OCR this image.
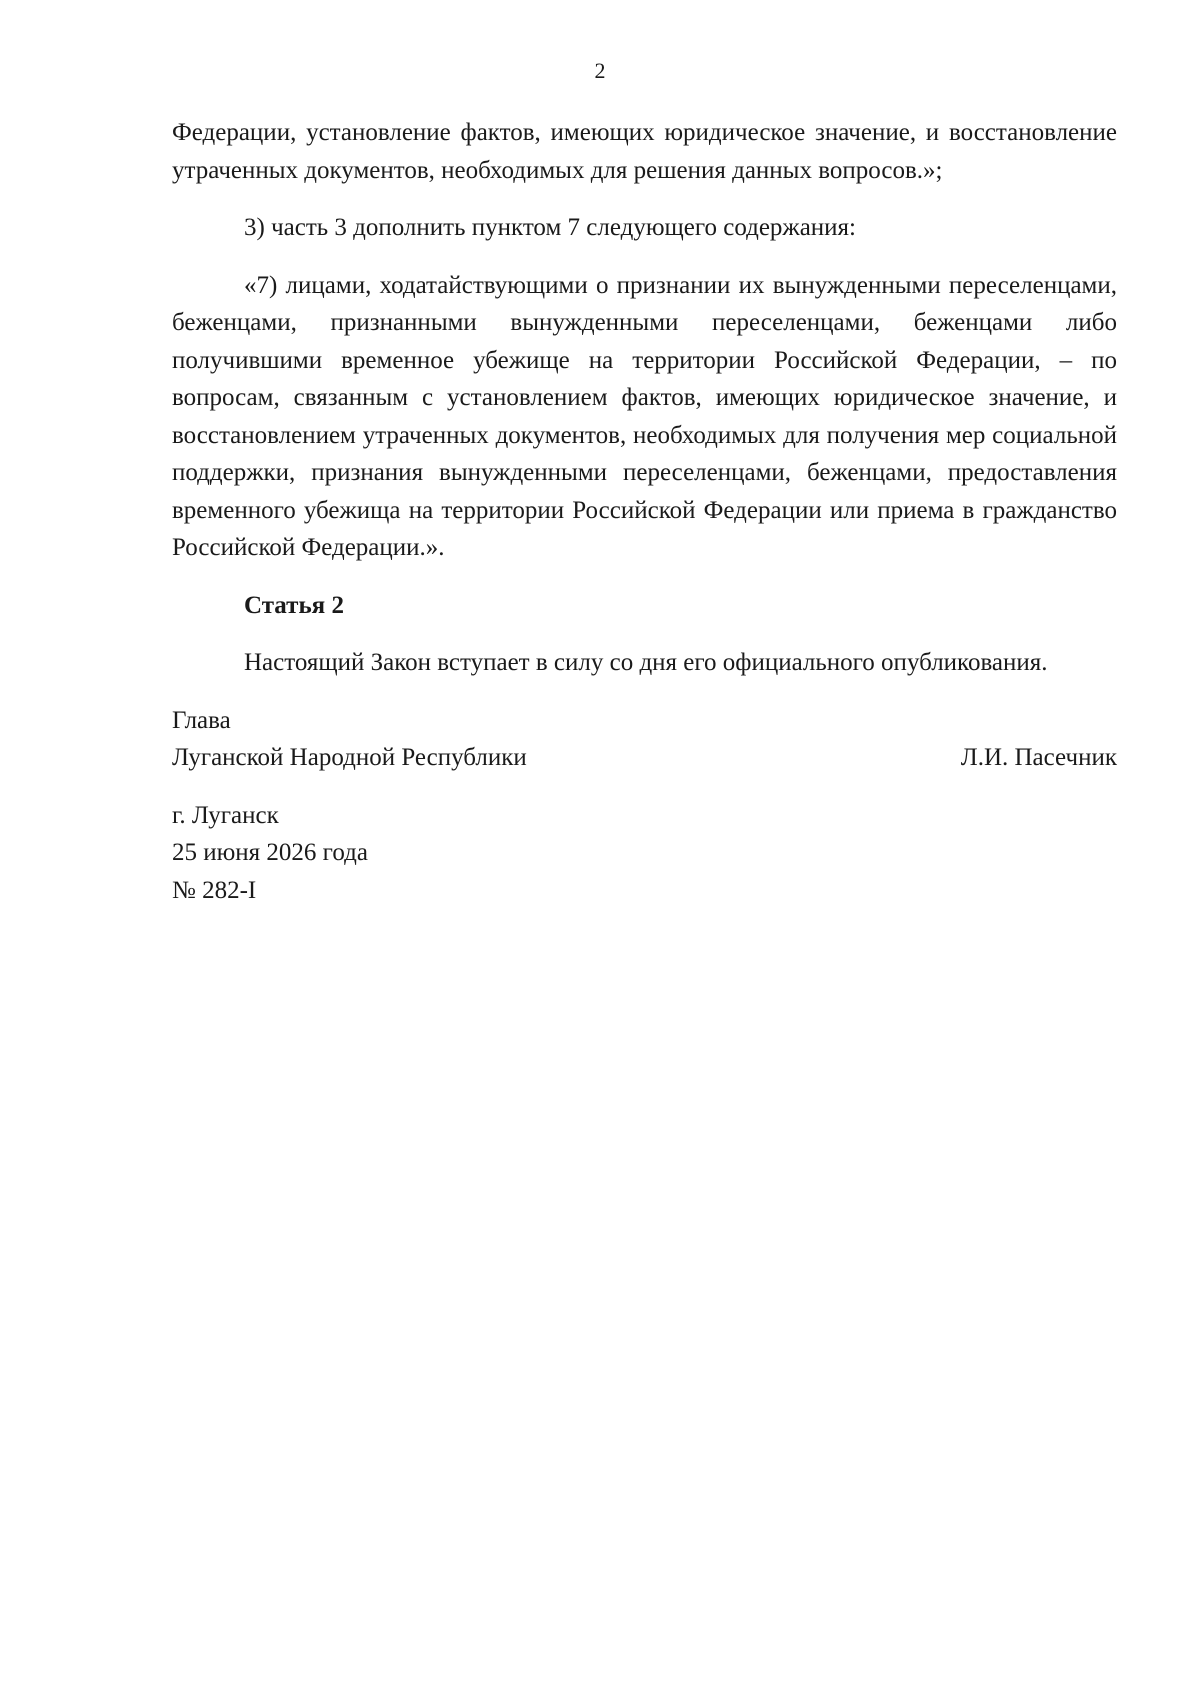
2

Федерации, установление фактов, имеющих юридическое значение, и восстановление утраченных документов, необходимых для решения данных вопросов.»;

3) часть 3 дополнить пунктом 7 следующего содержания:

«7) лицами, ходатайствующими о признании их вынужденными переселенцами, беженцами, признанными вынужденными переселенцами, беженцами либо получившими временное убежище на территории Российской Федерации, – по вопросам, связанным с установлением фактов, имеющих юридическое значение, и восстановлением утраченных документов, необходимых для получения мер социальной поддержки, признания вынужденными переселенцами, беженцами, предоставления временного убежища на территории Российской Федерации или приема в гражданство Российской Федерации.».

Статья 2

Настоящий Закон вступает в силу со дня его официального опубликования.

Глава

Луганской Народной Республики	Л.И. Пасечник

г. Луганск

25 июня 2026 года

№ 282-I
